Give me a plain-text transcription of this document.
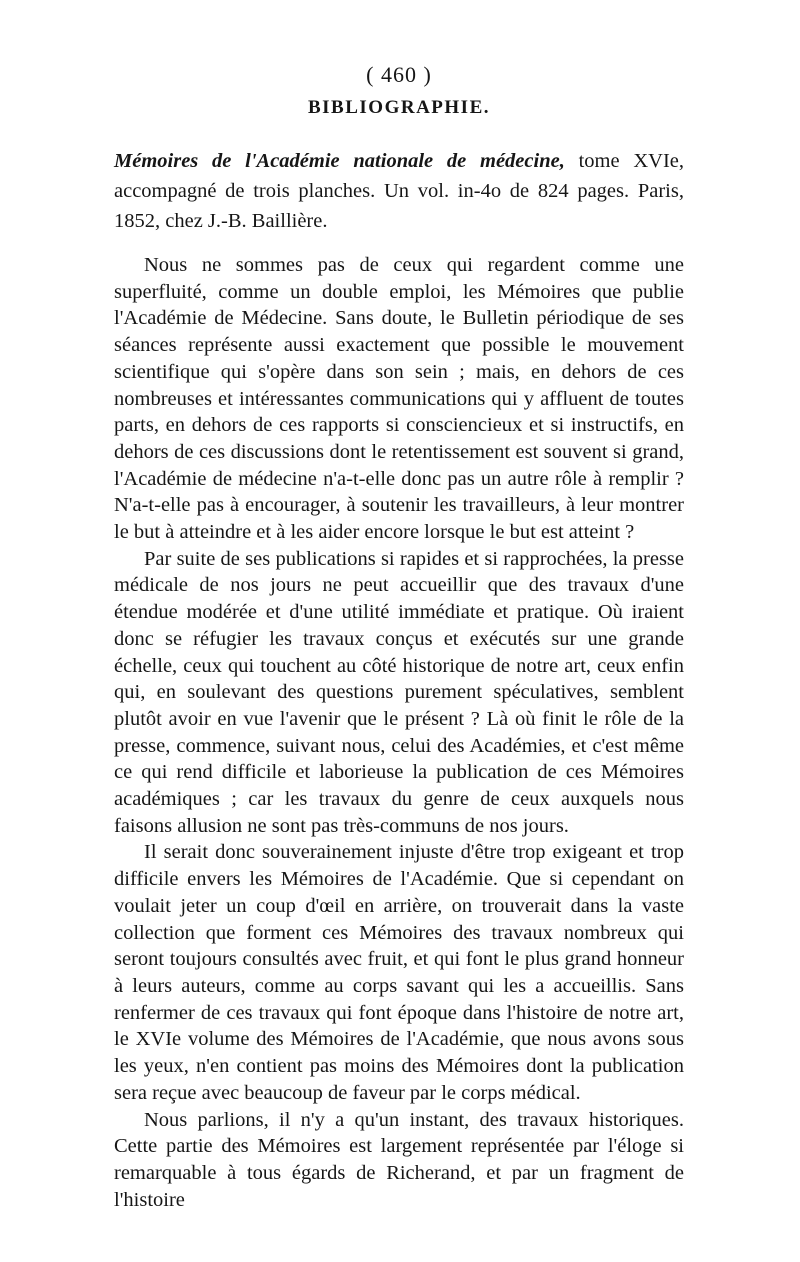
( 460 )
BIBLIOGRAPHIE.
Mémoires de l'Académie nationale de médecine, tome XVIe, accompagné de trois planches. Un vol. in-4o de 824 pages. Paris, 1852, chez J.-B. Baillière.

Nous ne sommes pas de ceux qui regardent comme une superfluité, comme un double emploi, les Mémoires que publie l'Académie de Médecine. Sans doute, le Bulletin périodique de ses séances représente aussi exactement que possible le mouvement scientifique qui s'opère dans son sein ; mais, en dehors de ces nombreuses et intéressantes communications qui y affluent de toutes parts, en dehors de ces rapports si consciencieux et si instructifs, en dehors de ces discussions dont le retentissement est souvent si grand, l'Académie de médecine n'a-t-elle donc pas un autre rôle à remplir ? N'a-t-elle pas à encourager, à soutenir les travailleurs, à leur montrer le but à atteindre et à les aider encore lorsque le but est atteint ?

Par suite de ses publications si rapides et si rapprochées, la presse médicale de nos jours ne peut accueillir que des travaux d'une étendue modérée et d'une utilité immédiate et pratique. Où iraient donc se réfugier les travaux conçus et exécutés sur une grande échelle, ceux qui touchent au côté historique de notre art, ceux enfin qui, en soulevant des questions purement spéculatives, semblent plutôt avoir en vue l'avenir que le présent ? Là où finit le rôle de la presse, commence, suivant nous, celui des Académies, et c'est même ce qui rend difficile et laborieuse la publication de ces Mémoires académiques ; car les travaux du genre de ceux auxquels nous faisons allusion ne sont pas très-communs de nos jours.

Il serait donc souverainement injuste d'être trop exigeant et trop difficile envers les Mémoires de l'Académie. Que si cependant on voulait jeter un coup d'œil en arrière, on trouverait dans la vaste collection que forment ces Mémoires des travaux nombreux qui seront toujours consultés avec fruit, et qui font le plus grand honneur à leurs auteurs, comme au corps savant qui les a accueillis. Sans renfermer de ces travaux qui font époque dans l'histoire de notre art, le XVIe volume des Mémoires de l'Académie, que nous avons sous les yeux, n'en contient pas moins des Mémoires dont la publication sera reçue avec beaucoup de faveur par le corps médical.

Nous parlions, il n'y a qu'un instant, des travaux historiques. Cette partie des Mémoires est largement représentée par l'éloge si remarquable à tous égards de Richerand, et par un fragment de l'histoire
